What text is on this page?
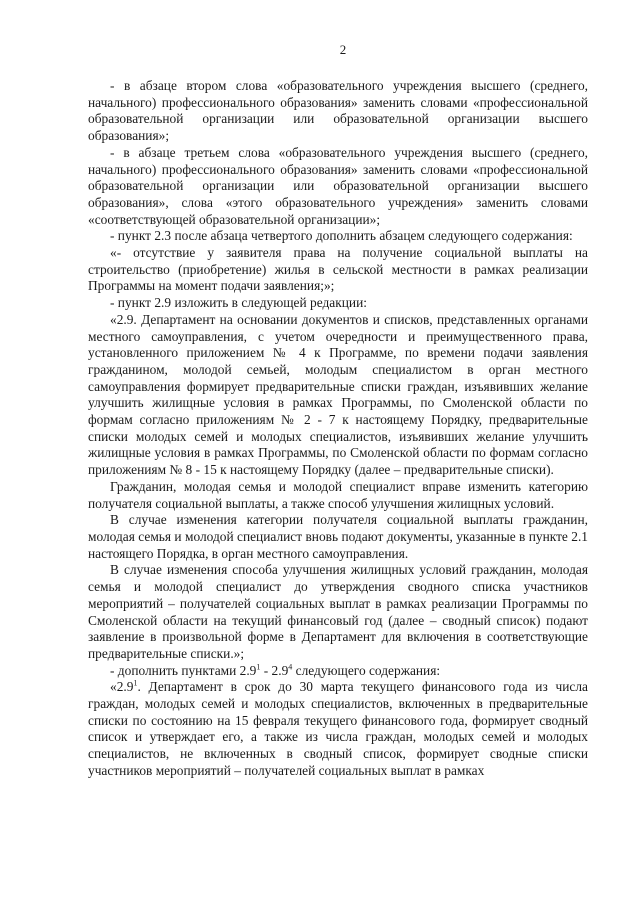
2

- в абзаце втором слова «образовательного учреждения высшего (среднего, начального) профессионального образования» заменить словами «профессиональной образовательной организации или образовательной организации высшего образования»;

- в абзаце третьем слова «образовательного учреждения высшего (среднего, начального) профессионального образования» заменить словами «профессиональной образовательной организации или образовательной организации высшего образования», слова «этого образовательного учреждения» заменить словами «соответствующей образовательной организации»;

- пункт 2.3 после абзаца четвертого дополнить абзацем следующего содержания:

«- отсутствие у заявителя права на получение социальной выплаты на строительство (приобретение) жилья в сельской местности в рамках реализации Программы на момент подачи заявления;»;

- пункт 2.9 изложить в следующей редакции:

«2.9. Департамент на основании документов и списков, представленных органами местного самоуправления, с учетом очередности и преимущественного права, установленного приложением № 4 к Программе, по времени подачи заявления гражданином, молодой семьей, молодым специалистом в орган местного самоуправления формирует предварительные списки граждан, изъявивших желание улучшить жилищные условия в рамках Программы, по Смоленской области по формам согласно приложениям № 2 - 7 к настоящему Порядку, предварительные списки молодых семей и молодых специалистов, изъявивших желание улучшить жилищные условия в рамках Программы, по Смоленской области по формам согласно приложениям № 8 - 15 к настоящему Порядку (далее – предварительные списки).

Гражданин, молодая семья и молодой специалист вправе изменить категорию получателя социальной выплаты, а также способ улучшения жилищных условий.

В случае изменения категории получателя социальной выплаты гражданин, молодая семья и молодой специалист вновь подают документы, указанные в пункте 2.1 настоящего Порядка, в орган местного самоуправления.

В случае изменения способа улучшения жилищных условий гражданин, молодая семья и молодой специалист до утверждения сводного списка участников мероприятий – получателей социальных выплат в рамках реализации Программы по Смоленской области на текущий финансовый год (далее – сводный список) подают заявление в произвольной форме в Департамент для включения в соответствующие предварительные списки.»;

- дополнить пунктами $2.9^1 - 2.9^4$ следующего содержания:

«$2.9^1$. Департамент в срок до 30 марта текущего финансового года из числа граждан, молодых семей и молодых специалистов, включенных в предварительные списки по состоянию на 15 февраля текущего финансового года, формирует сводный список и утверждает его, а также из числа граждан, молодых семей и молодых специалистов, не включенных в сводный список, формирует сводные списки участников мероприятий – получателей социальных выплат в рамках
